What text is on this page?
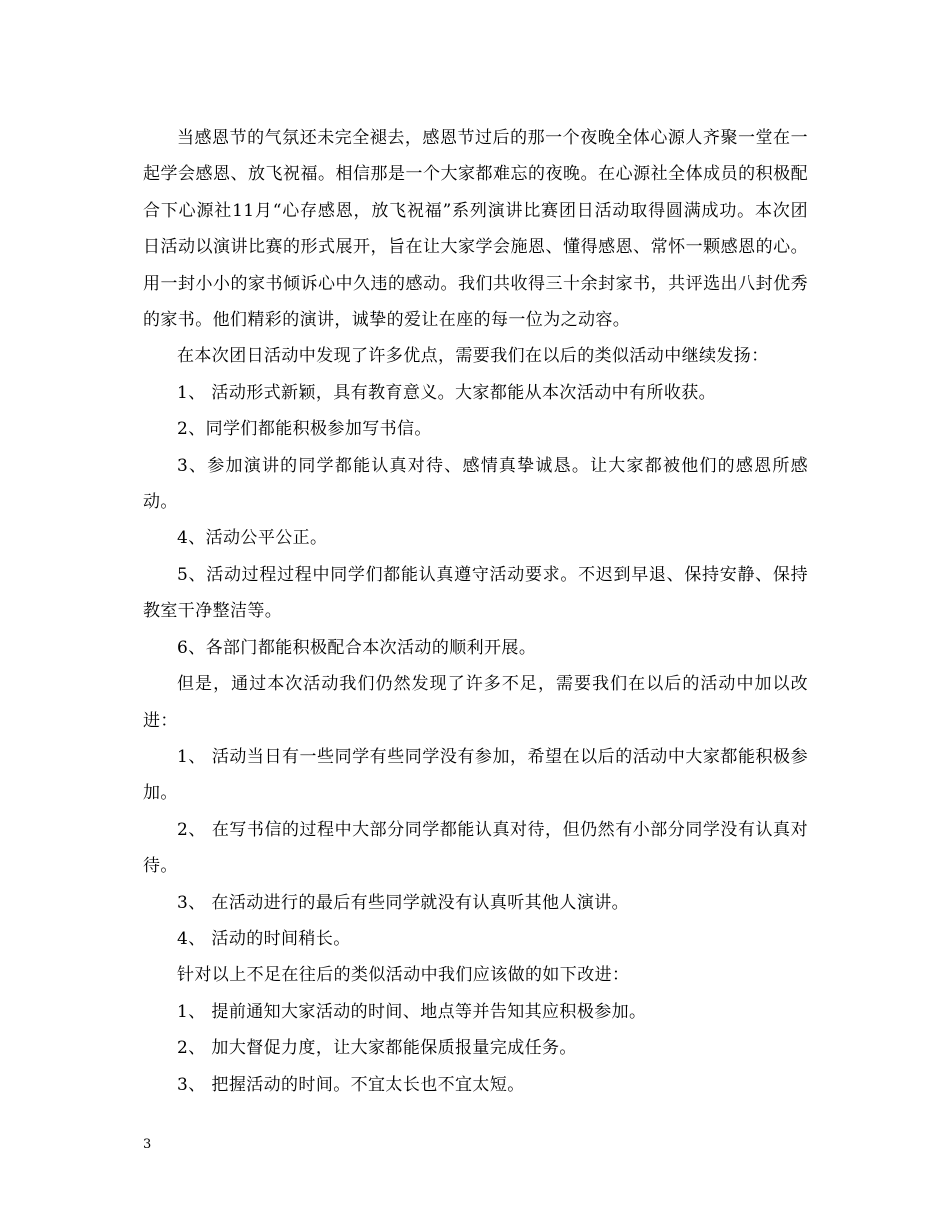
当感恩节的气氛还未完全褪去，感恩节过后的那一个夜晚全体心源人齐聚一堂在一起学会感恩、放飞祝福。相信那是一个大家都难忘的夜晚。在心源社全体成员的积极配合下心源社11月“心存感恩，放飞祝福”系列演讲比赛团日活动取得圆满成功。本次团日活动以演讲比赛的形式展开，旨在让大家学会施恩、懂得感恩、常怀一颗感恩的心。用一封小小的家书倾诉心中久违的感动。我们共收得三十余封家书，共评选出八封优秀的家书。他们精彩的演讲，诚挚的爱让在座的每一位为之动容。

在本次团日活动中发现了许多优点，需要我们在以后的类似活动中继续发扬：

1、 活动形式新颖，具有教育意义。大家都能从本次活动中有所收获。

2、同学们都能积极参加写书信。

3、参加演讲的同学都能认真对待、感情真挚诚恳。让大家都被他们的感恩所感动。

4、活动公平公正。

5、活动过程过程中同学们都能认真遵守活动要求。不迟到早退、保持安静、保持教室干净整洁等。

6、各部门都能积极配合本次活动的顺利开展。

但是，通过本次活动我们仍然发现了许多不足，需要我们在以后的活动中加以改进：

1、 活动当日有一些同学有些同学没有参加，希望在以后的活动中大家都能积极参加。

2、 在写书信的过程中大部分同学都能认真对待，但仍然有小部分同学没有认真对待。

3、 在活动进行的最后有些同学就没有认真听其他人演讲。

4、 活动的时间稍长。

针对以上不足在往后的类似活动中我们应该做的如下改进：

1、 提前通知大家活动的时间、地点等并告知其应积极参加。

2、 加大督促力度，让大家都能保质报量完成任务。

3、 把握活动的时间。不宜太长也不宜太短。

3
